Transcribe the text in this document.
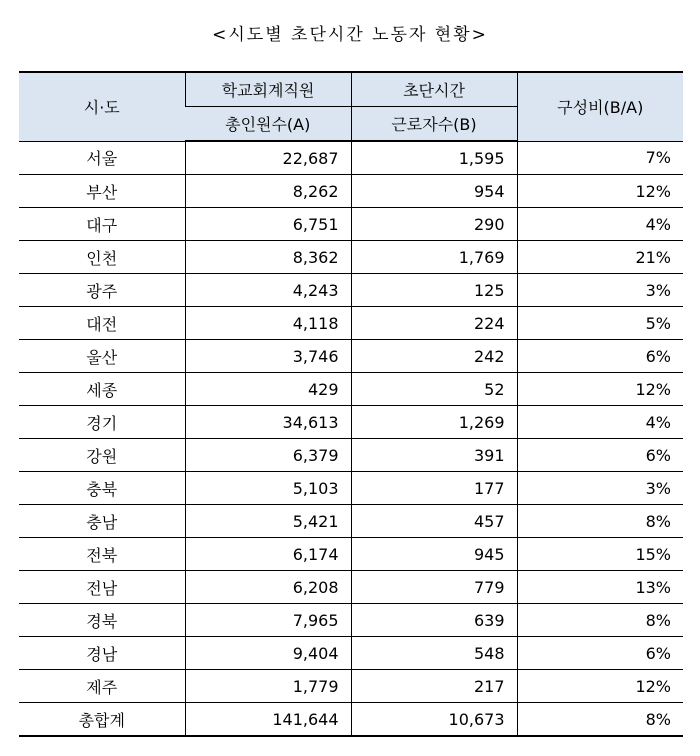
<시도별 초단시간 노동자 현황>
시·도	학교회계직원	초단시간	구성비(B/A)
	총인원수(A)	근로자수(B)	
서울	22,687	1,595	7%
부산	8,262	954	12%
대구	6,751	290	4%
인천	8,362	1,769	21%
광주	4,243	125	3%
대전	4,118	224	5%
울산	3,746	242	6%
세종	429	52	12%
경기	34,613	1,269	4%
강원	6,379	391	6%
충북	5,103	177	3%
충남	5,421	457	8%
전북	6,174	945	15%
전남	6,208	779	13%
경북	7,965	639	8%
경남	9,404	548	6%
제주	1,779	217	12%
총합계	141,644	10,673	8%
